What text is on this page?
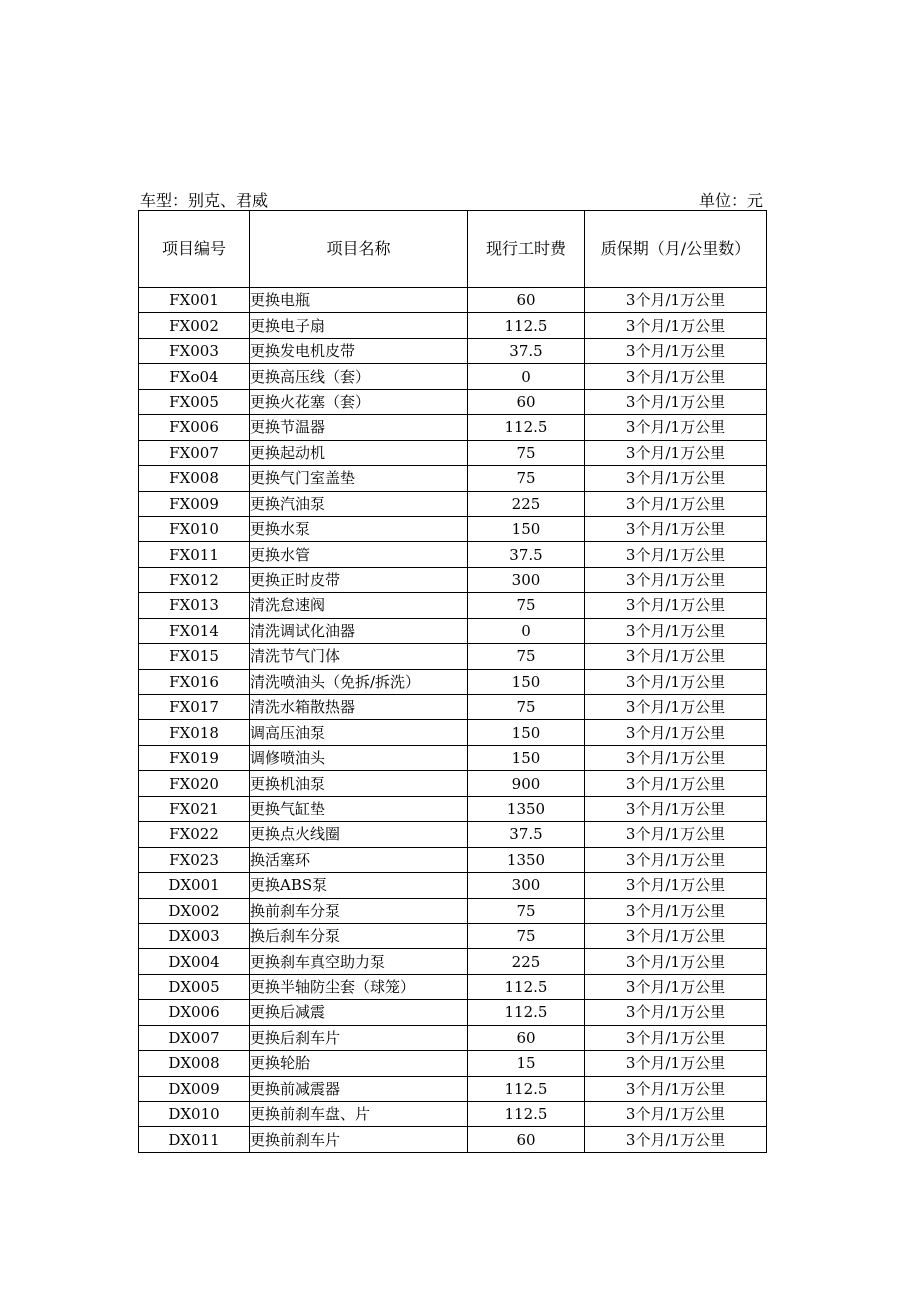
车型：别克、君威	单位：元
项目编号	项目名称	现行工时费	质保期（月/公里数）
FX001	更换电瓶	60	3个月/1万公里
FX002	更换电子扇	112.5	3个月/1万公里
FX003	更换发电机皮带	37.5	3个月/1万公里
FXo04	更换高压线（套）	0	3个月/1万公里
FX005	更换火花塞（套）	60	3个月/1万公里
FX006	更换节温器	112.5	3个月/1万公里
FX007	更换起动机	75	3个月/1万公里
FX008	更换气门室盖垫	75	3个月/1万公里
FX009	更换汽油泵	225	3个月/1万公里
FX010	更换水泵	150	3个月/1万公里
FX011	更换水管	37.5	3个月/1万公里
FX012	更换正时皮带	300	3个月/1万公里
FX013	清洗怠速阀	75	3个月/1万公里
FX014	清洗调试化油器	0	3个月/1万公里
FX015	清洗节气门体	75	3个月/1万公里
FX016	清洗喷油头（免拆/拆洗）	150	3个月/1万公里
FX017	清洗水箱散热器	75	3个月/1万公里
FX018	调高压油泵	150	3个月/1万公里
FX019	调修喷油头	150	3个月/1万公里
FX020	更换机油泵	900	3个月/1万公里
FX021	更换气缸垫	1350	3个月/1万公里
FX022	更换点火线圈	37.5	3个月/1万公里
FX023	换活塞环	1350	3个月/1万公里
DX001	更换ABS泵	300	3个月/1万公里
DX002	换前刹车分泵	75	3个月/1万公里
DX003	换后刹车分泵	75	3个月/1万公里
DX004	更换刹车真空助力泵	225	3个月/1万公里
DX005	更换半轴防尘套（球笼）	112.5	3个月/1万公里
DX006	更换后减震	112.5	3个月/1万公里
DX007	更换后刹车片	60	3个月/1万公里
DX008	更换轮胎	15	3个月/1万公里
DX009	更换前减震器	112.5	3个月/1万公里
DX010	更换前刹车盘、片	112.5	3个月/1万公里
DX011	更换前刹车片	60	3个月/1万公里
